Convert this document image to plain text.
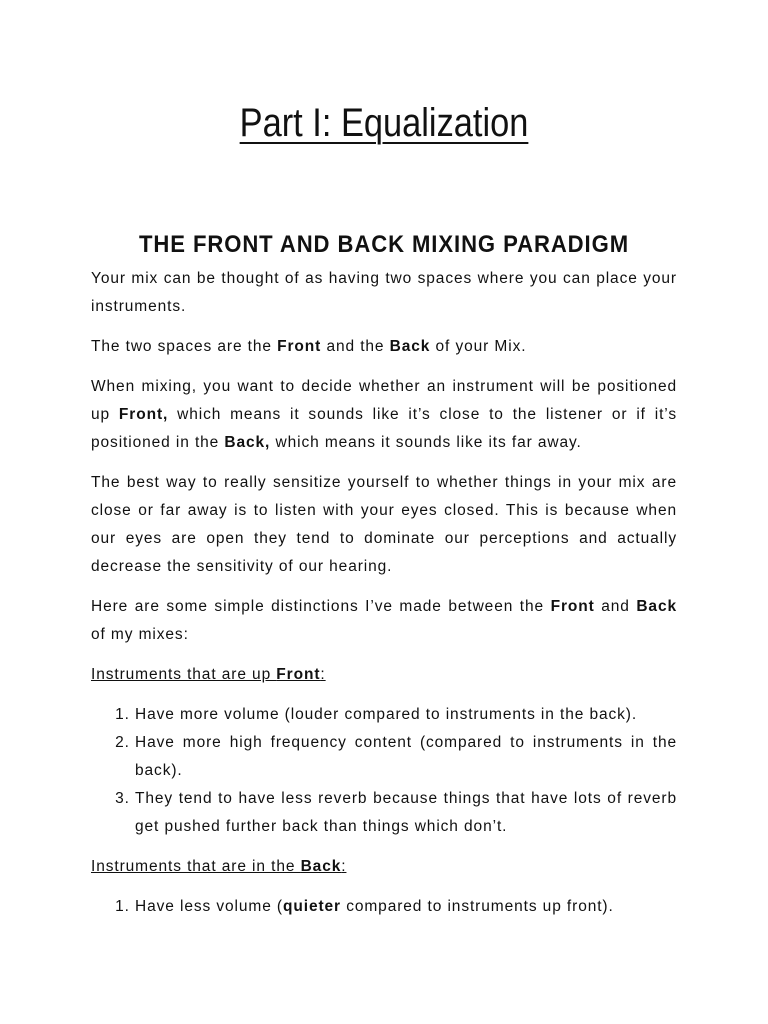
Part I: Equalization
THE FRONT AND BACK MIXING PARADIGM

Your mix can be thought of as having two spaces where you can place your instruments.

The two spaces are the Front and the Back of your Mix.

When mixing, you want to decide whether an instrument will be positioned up Front, which means it sounds like it’s close to the listener or if it’s positioned in the Back, which means it sounds like its far away.

The best way to really sensitize yourself to whether things in your mix are close or far away is to listen with your eyes closed. This is because when our eyes are open they tend to dominate our perceptions and actually decrease the sensitivity of our hearing.

Here are some simple distinctions I’ve made between the Front and Back of my mixes:

Instruments that are up Front:

1. Have more volume (louder compared to instruments in the back).
2. Have more high frequency content (compared to instruments in the back).
3. They tend to have less reverb because things that have lots of reverb get pushed further back than things which don’t.

Instruments that are in the Back:

1. Have less volume (quieter compared to instruments up front).
